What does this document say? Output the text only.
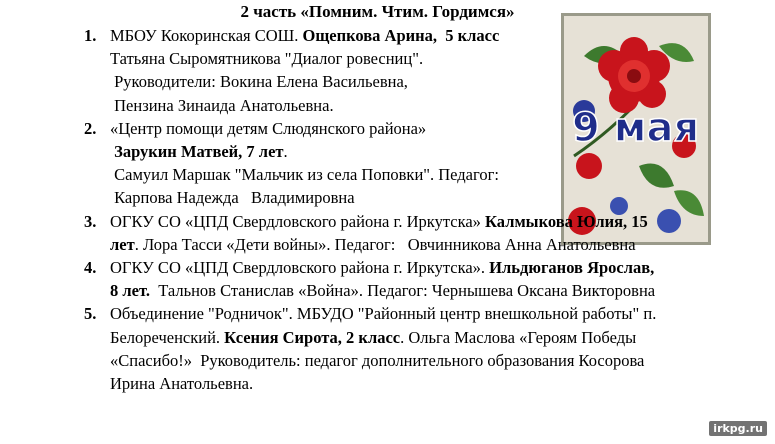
2 часть «Помним. Чтим. Гордимся»
9 мая
1. МБОУ Кокоринская СОШ. Ощепкова Арина,  5 класс
Татьяна Сыромятникова "Диалог ровесниц".
Руководители: Вокина Елена Васильевна,
Пензина Зинаида Анатольевна.
2. «Центр помощи детям Слюдянского района»
Зарукин Матвей, 7 лет.
Самуил Маршак "Мальчик из села Поповки". Педагог:
Карпова Надежда   Владимировна
3. ОГКУ СО «ЦПД Свердловского района г. Иркутска» Калмыкова Юлия, 15
лет. Лора Тасси «Дети войны». Педагог:   Овчинникова Анна Анатольевна
4. ОГКУ СО «ЦПД Свердловского района г. Иркутска». Ильдюганов Ярослав,
8 лет.  Тальнов Станислав «Война». Педагог: Чернышева Оксана Викторовна
5. Объединение "Родничок". МБУДО "Районный центр внешкольной работы" п.
Белореченский. Ксения Сирота, 2 класс. Ольга Маслова «Героям Победы
«Спасибо!»  Руководитель: педагог дополнительного образования Косорова
Ирина Анатольевна.
irkpg.ru
